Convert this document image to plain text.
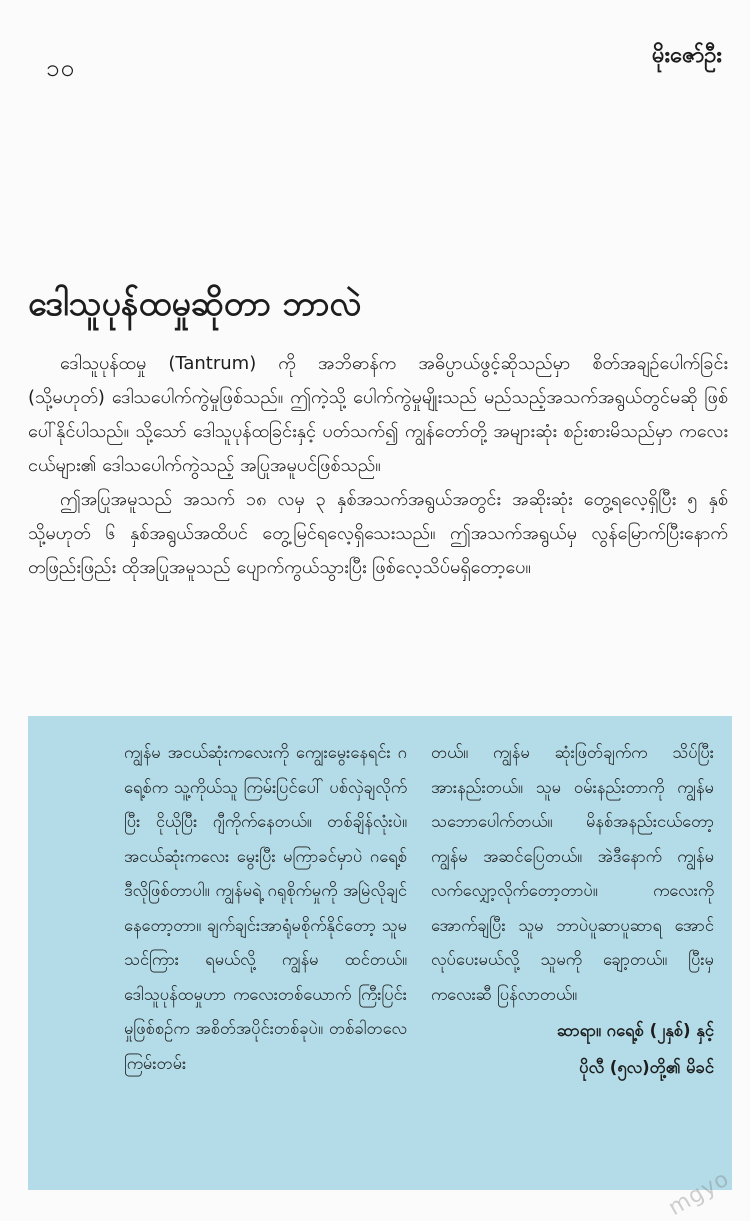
၁၀	မိုးဇော်ဦး
ဒေါသူပုန်ထမှုဆိုတာ ဘာလဲ

ဒေါသူပုန်ထမှု (Tantrum) ကို အဘိဓာန်က အဓိပ္ပာယ်ဖွင့်ဆိုသည်မှာ စိတ်အချဉ်ပေါက်ခြင်း (သို့မဟုတ်) ဒေါသပေါက်ကွဲမှုဖြစ်သည်။ ဤကဲ့သို့ ပေါက်ကွဲမှုမျိုးသည် မည်သည့်အသက်အရွယ်တွင်မဆို ဖြစ်ပေါ်နိုင်ပါသည်။ သို့သော် ဒေါသူပုန်ထခြင်းနှင့် ပတ်သက်၍ ကျွန်တော်တို့ အများဆုံး စဉ်းစားမိသည်မှာ ကလေးငယ်များ၏ ဒေါသပေါက်ကွဲသည့် အပြုအမူပင်ဖြစ်သည်။

ဤအပြုအမူသည် အသက် ၁၈ လမှ ၃ နှစ်အသက်အရွယ်အတွင်း အဆိုးဆုံး တွေ့ရလေ့ရှိပြီး ၅ နှစ် သို့မဟုတ် ၆ နှစ်အရွယ်အထိပင် တွေ့မြင်ရလေ့ရှိသေးသည်။ ဤအသက်အရွယ်မှ လွန်မြောက်ပြီးနောက် တဖြည်းဖြည်း ထိုအပြုအမူသည် ပျောက်ကွယ်သွားပြီး ဖြစ်လေ့သိပ်မရှိတော့ပေ။

ကျွန်မ အငယ်ဆုံးကလေးကို ကျွေးမွေးနေရင်း ဂရေ့စ်က သူ့ကိုယ်သူ ကြမ်းပြင်ပေါ် ပစ်လှဲချလိုက်ပြီး ငိုယိုပြီး ဂျီကိုက်နေတယ်။ တစ်ချိန်လုံးပဲ။ အငယ်ဆုံးကလေး မွေးပြီး မကြာခင်မှာပဲ ဂရေ့စ် ဒီလိုဖြစ်တာပါ။ ကျွန်မရဲ့ ဂရုစိုက်မှုကို အမြဲလိုချင်နေတော့တာ။ ချက်ချင်းအာရုံမစိုက်နိုင်တော့ သူမ သင်ကြား ရမယ်လို့ ကျွန်မ ထင်တယ်။ ဒေါသူပုန်ထမှုဟာ ကလေးတစ်ယောက် ကြီးပြင်းမှုဖြစ်စဉ်က အစိတ်အပိုင်းတစ်ခုပဲ။ တစ်ခါတလေ ကြမ်းတမ်း

တယ်။ ကျွန်မ ဆုံးဖြတ်ချက်က သိပ်ပြီး အားနည်းတယ်။ သူမ ဝမ်းနည်းတာကို ကျွန်မ သဘောပေါက်တယ်။ မိနစ်အနည်းငယ်တော့ ကျွန်မ အဆင်ပြေတယ်။ အဲဒီနောက် ကျွန်မ လက်လျှော့လိုက်တော့တာပဲ။ ကလေးကို အောက်ချပြီး သူမ ဘာပဲပူဆာပူဆာရ အောင်လုပ်ပေးမယ်လို့ သူမကို ချော့တယ်။ ပြီးမှ ကလေးဆီ ပြန်လာတယ်။

ဆာရာ။ ဂရေ့စ် (၂နှစ်) နှင့်

ပိုလီ (၅လ)တို့၏ မိခင်

mgyo
